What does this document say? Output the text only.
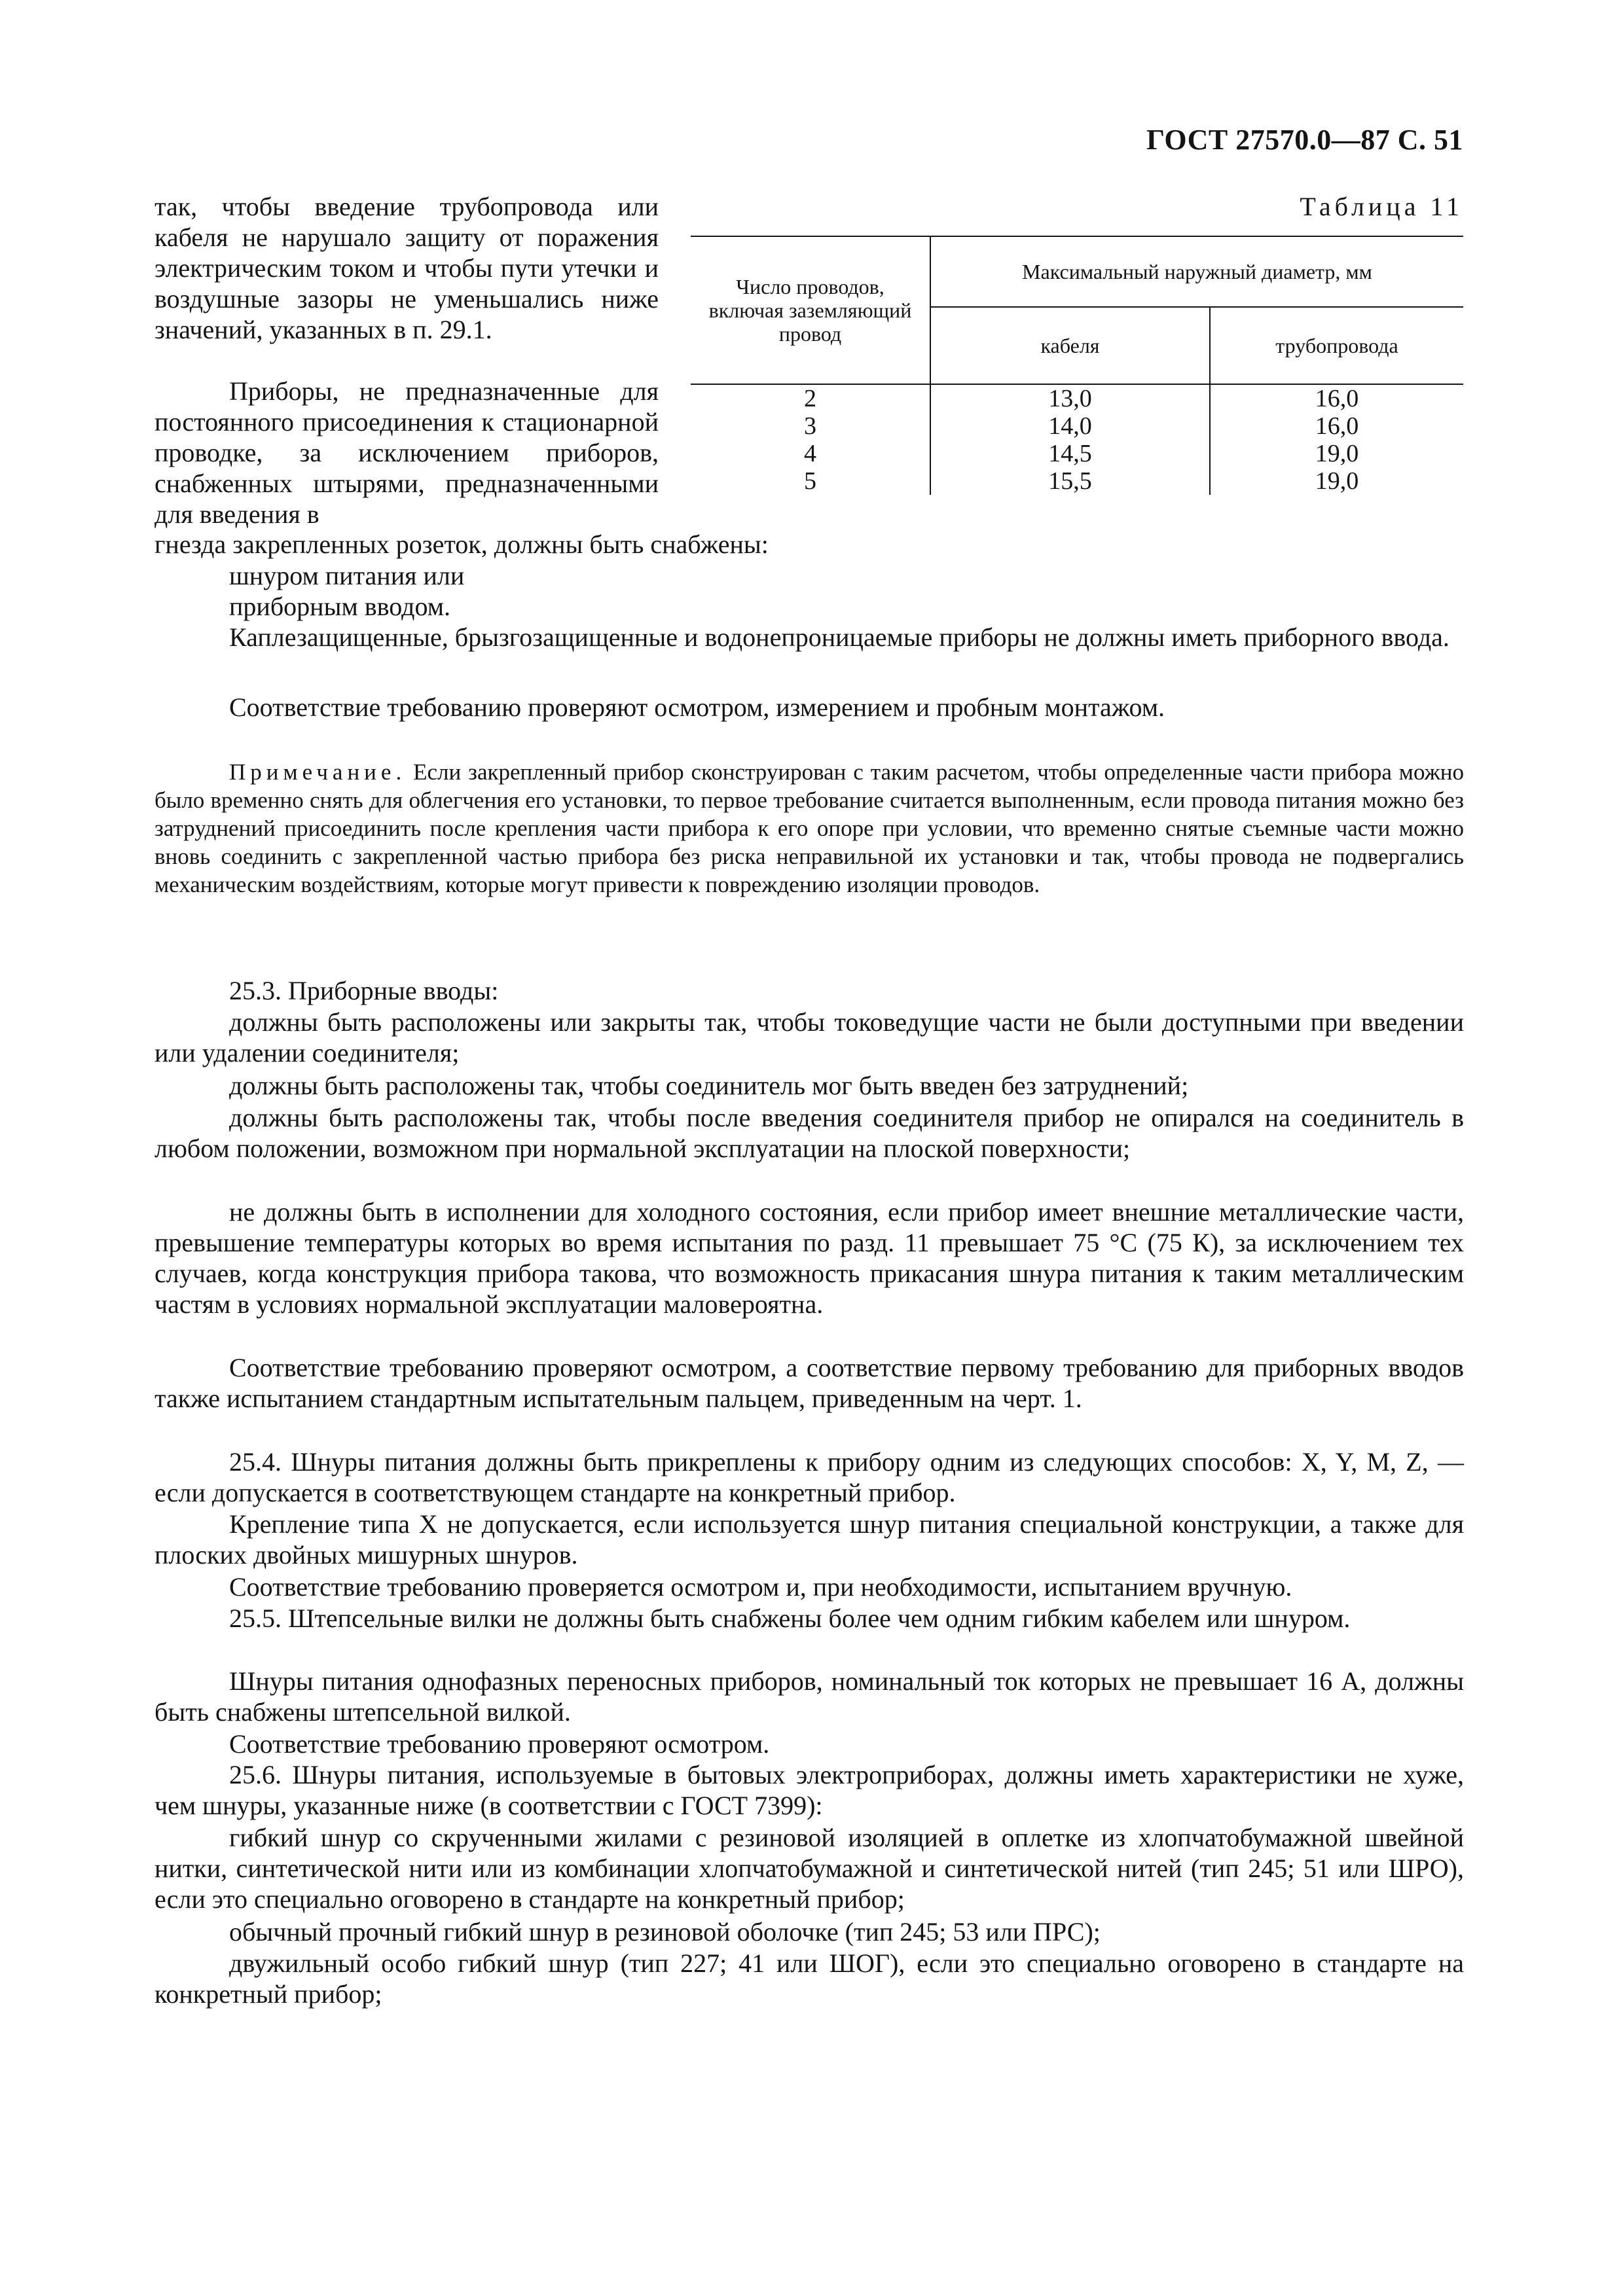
ГОСТ 27570.0—87 С. 51

так, чтобы введение трубопровода или кабеля не нарушало защиту от поражения электрическим током и чтобы пути утечки и воздушные зазоры не уменьшались ниже значений, указанных в п. 29.1.

Приборы, не предназначенные для постоянного присоединения к стационарной проводке, за исключением приборов, снабженных штырями, предназначенными для введения в

Таблица 11
Число проводов, включая заземляющий провод	Максимальный наружный диаметр, мм	
	кабеля	трубопровода
2	13,0	16,0
3	14,0	16,0
4	14,5	19,0
5	15,5	19,0

гнезда закрепленных розеток, должны быть снабжены:

шнуром питания или

приборным вводом.

Каплезащищенные, брызгозащищенные и водонепроницаемые приборы не должны иметь приборного ввода.

Соответствие требованию проверяют осмотром, измерением и пробным монтажом.

Примечание. Если закрепленный прибор сконструирован с таким расчетом, чтобы определенные части прибора можно было временно снять для облегчения его установки, то первое требование считается выполненным, если провода питания можно без затруднений присоединить после крепления части прибора к его опоре при условии, что временно снятые съемные части можно вновь соединить с закрепленной частью прибора без риска неправильной их установки и так, чтобы провода не подвергались механическим воздействиям, которые могут привести к повреждению изоляции проводов.

25.3. Приборные вводы:

должны быть расположены или закрыты так, чтобы токоведущие части не были доступными при введении или удалении соединителя;

должны быть расположены так, чтобы соединитель мог быть введен без затруднений;

должны быть расположены так, чтобы после введения соединителя прибор не опирался на соединитель в любом положении, возможном при нормальной эксплуатации на плоской поверхности;

не должны быть в исполнении для холодного состояния, если прибор имеет внешние металлические части, превышение температуры которых во время испытания по разд. 11 превышает 75 °С (75 К), за исключением тех случаев, когда конструкция прибора такова, что возможность прикасания шнура питания к таким металлическим частям в условиях нормальной эксплуатации маловероятна.

Соответствие требованию проверяют осмотром, а соответствие первому требованию для приборных вводов также испытанием стандартным испытательным пальцем, приведенным на черт. 1.

25.4. Шнуры питания должны быть прикреплены к прибору одним из следующих способов: X, Y, M, Z, — если допускается в соответствующем стандарте на конкретный прибор.

Крепление типа X не допускается, если используется шнур питания специальной конструкции, а также для плоских двойных мишурных шнуров.

Соответствие требованию проверяется осмотром и, при необходимости, испытанием вручную.

25.5. Штепсельные вилки не должны быть снабжены более чем одним гибким кабелем или шнуром.

Шнуры питания однофазных переносных приборов, номинальный ток которых не превышает 16 А, должны быть снабжены штепсельной вилкой.

Соответствие требованию проверяют осмотром.

25.6. Шнуры питания, используемые в бытовых электроприборах, должны иметь характеристики не хуже, чем шнуры, указанные ниже (в соответствии с ГОСТ 7399):

гибкий шнур со скрученными жилами с резиновой изоляцией в оплетке из хлопчатобумажной швейной нитки, синтетической нити или из комбинации хлопчатобумажной и синтетической нитей (тип 245; 51 или ШРО), если это специально оговорено в стандарте на конкретный прибор;

обычный прочный гибкий шнур в резиновой оболочке (тип 245; 53 или ПРС);

двужильный особо гибкий шнур (тип 227; 41 или ШОГ), если это специально оговорено в стандарте на конкретный прибор;
